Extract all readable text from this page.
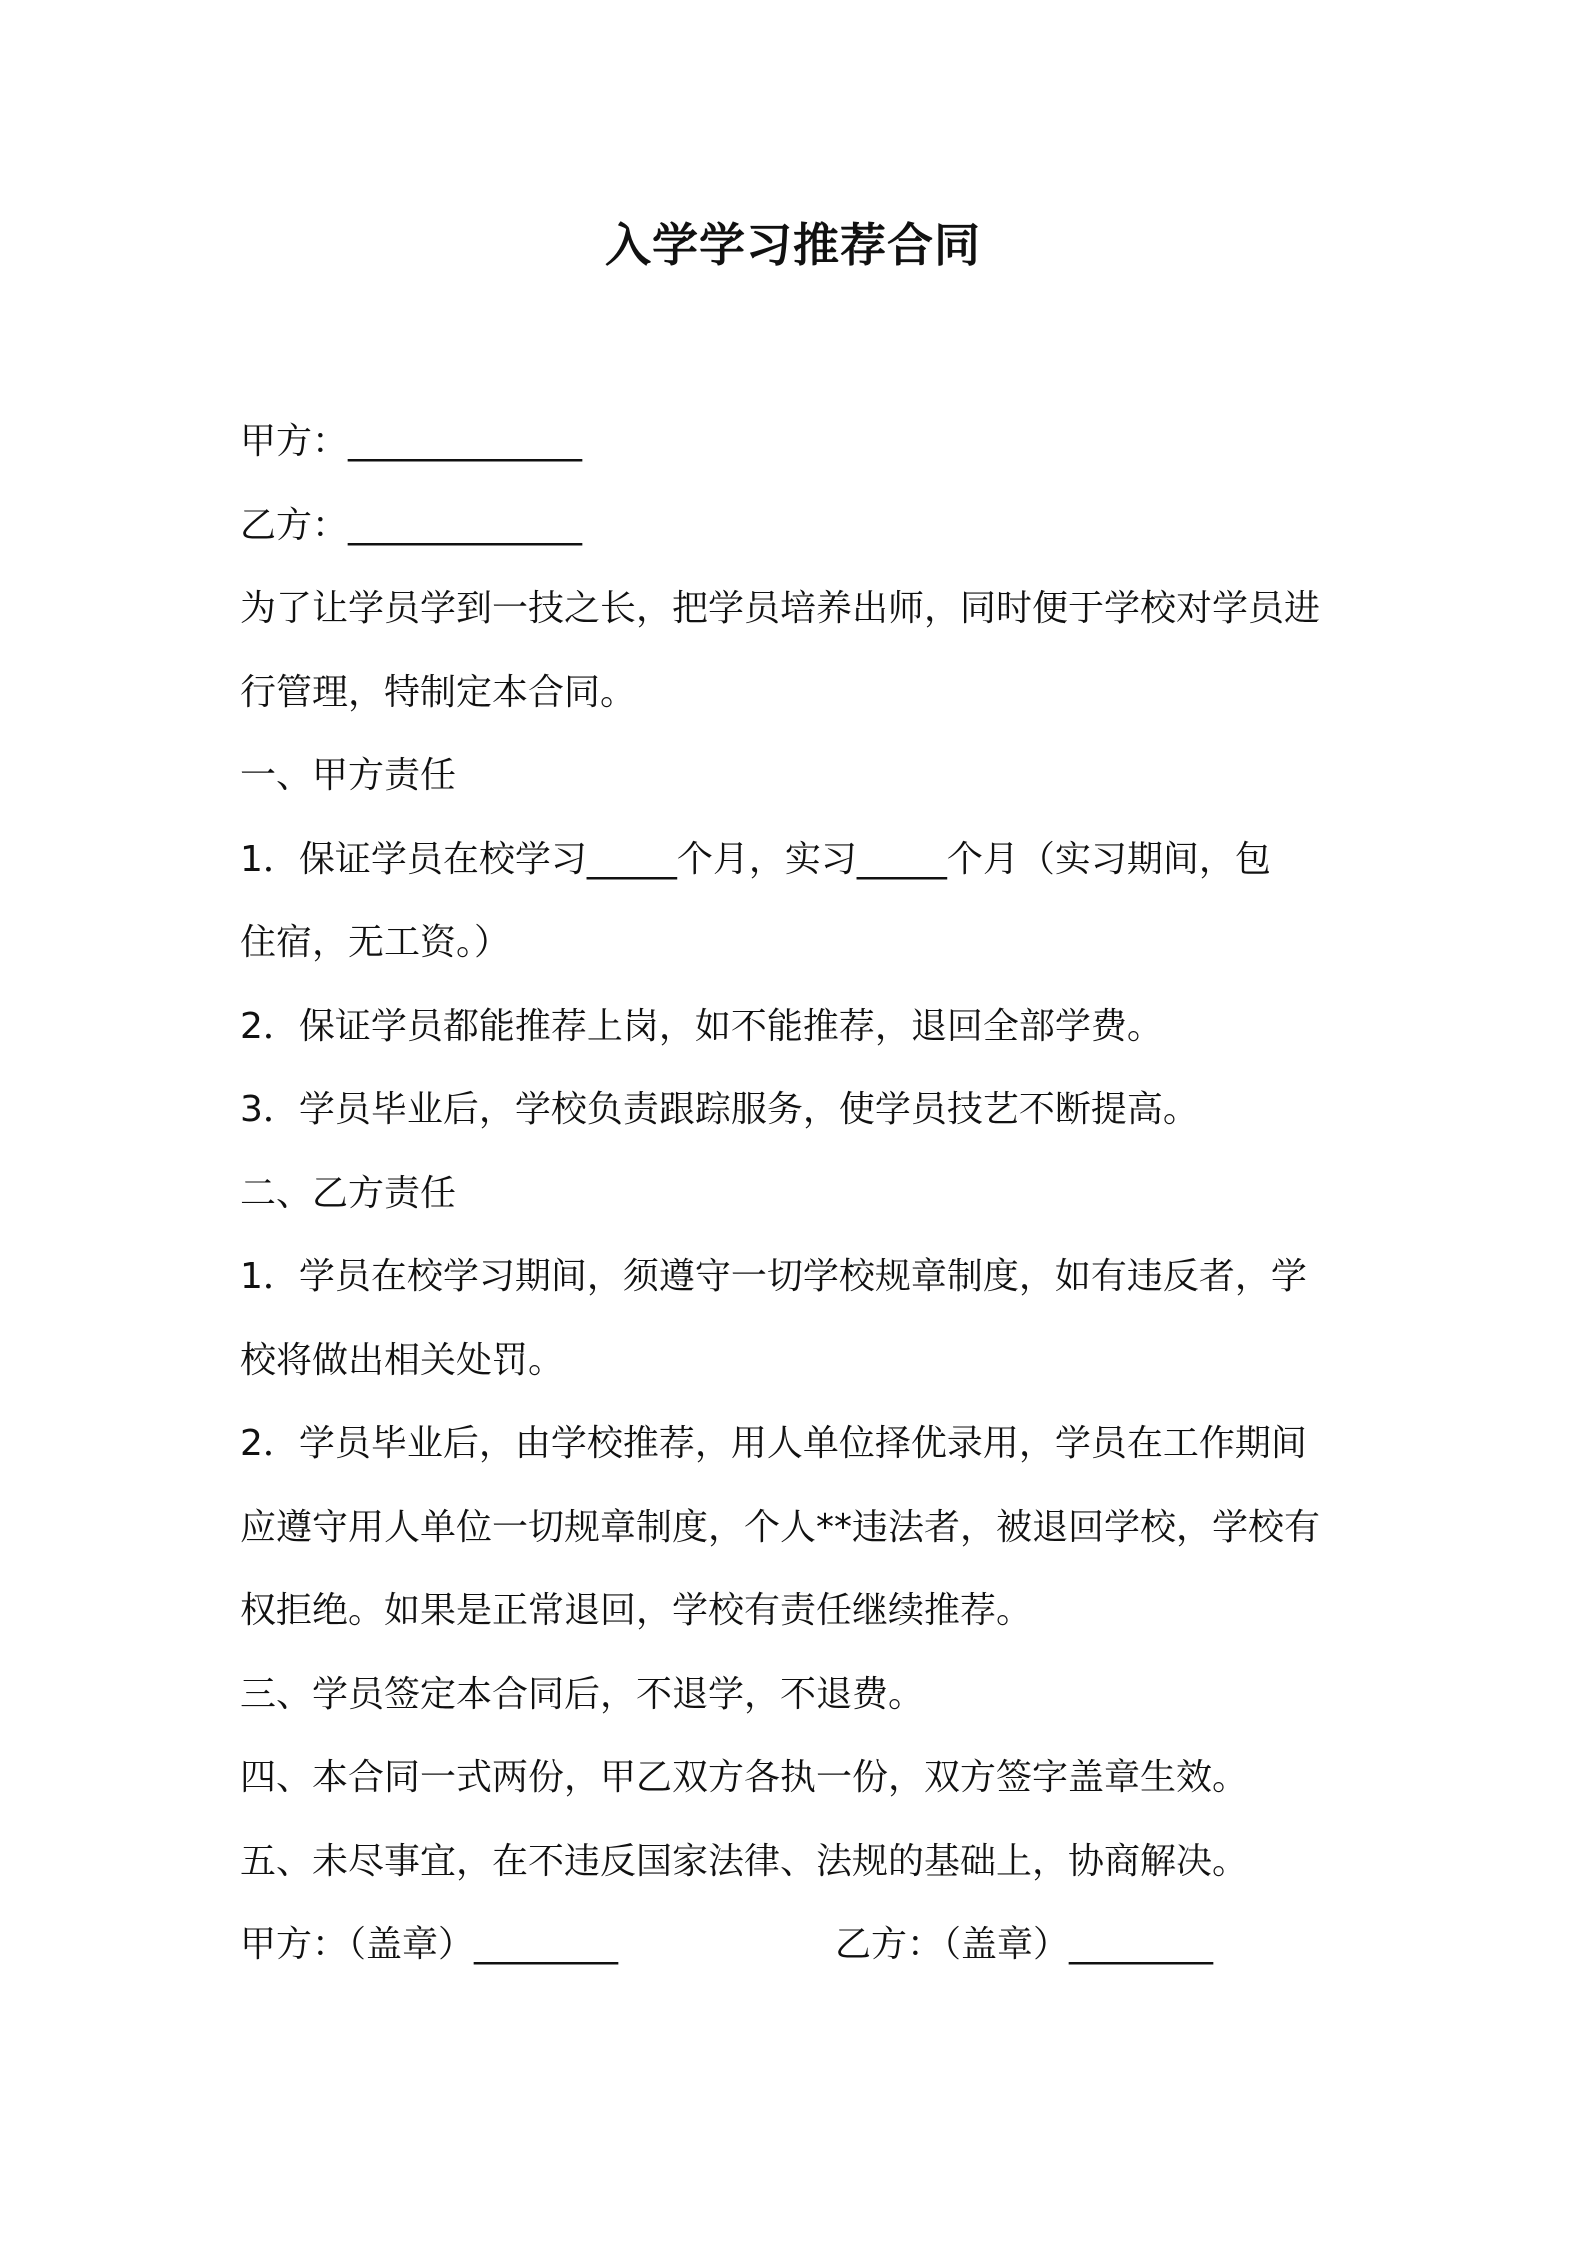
入学学习推荐合同
甲方：_____________
乙方：_____________
为了让学员学到一技之长，把学员培养出师，同时便于学校对学员进
行管理，特制定本合同。
一、甲方责任
1．保证学员在校学习_____个月，实习_____个月（实习期间，包
住宿，无工资。）
2．保证学员都能推荐上岗，如不能推荐，退回全部学费。
3．学员毕业后，学校负责跟踪服务，使学员技艺不断提高。
二、乙方责任
1．学员在校学习期间，须遵守一切学校规章制度，如有违反者，学
校将做出相关处罚。
2．学员毕业后，由学校推荐，用人单位择优录用，学员在工作期间
应遵守用人单位一切规章制度，个人**违法者，被退回学校，学校有
权拒绝。如果是正常退回，学校有责任继续推荐。
三、学员签定本合同后，不退学，不退费。
四、本合同一式两份，甲乙双方各执一份，双方签字盖章生效。
五、未尽事宜，在不违反国家法律、法规的基础上，协商解决。
甲方：（盖章）________	乙方：（盖章）________
